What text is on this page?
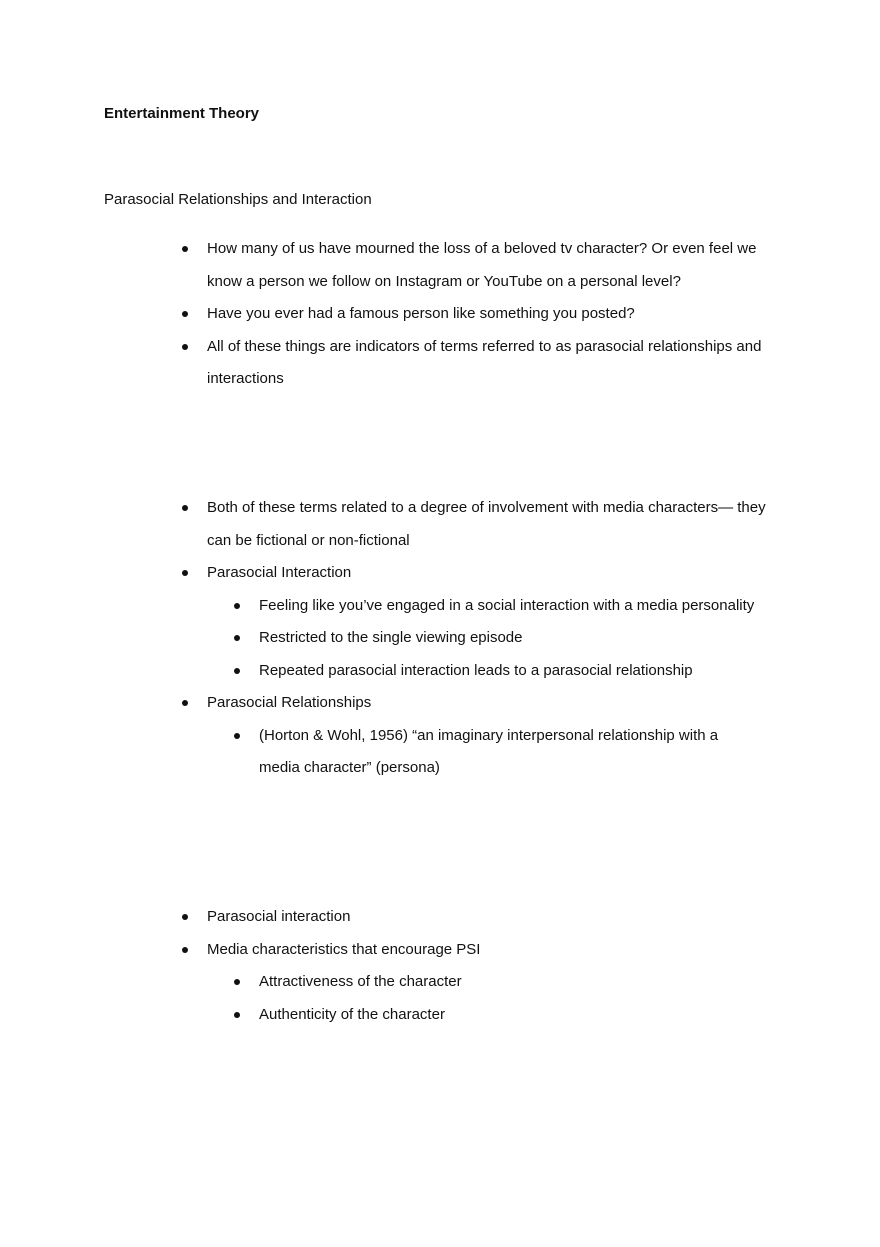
Entertainment Theory
Parasocial Relationships and Interaction
How many of us have mourned the loss of a beloved tv character? Or even feel we know a person we follow on Instagram or YouTube on a personal level?
Have you ever had a famous person like something you posted?
All of these things are indicators of terms referred to as parasocial relationships and interactions
Both of these terms related to a degree of involvement with media characters— they can be fictional or non-fictional
Parasocial Interaction
Feeling like you’ve engaged in a social interaction with a media personality
Restricted to the single viewing episode
Repeated parasocial interaction leads to a parasocial relationship
Parasocial Relationships
(Horton & Wohl, 1956) “an imaginary interpersonal relationship with a media character” (persona)
Parasocial interaction
Media characteristics that encourage PSI
Attractiveness of the character
Authenticity of the character
